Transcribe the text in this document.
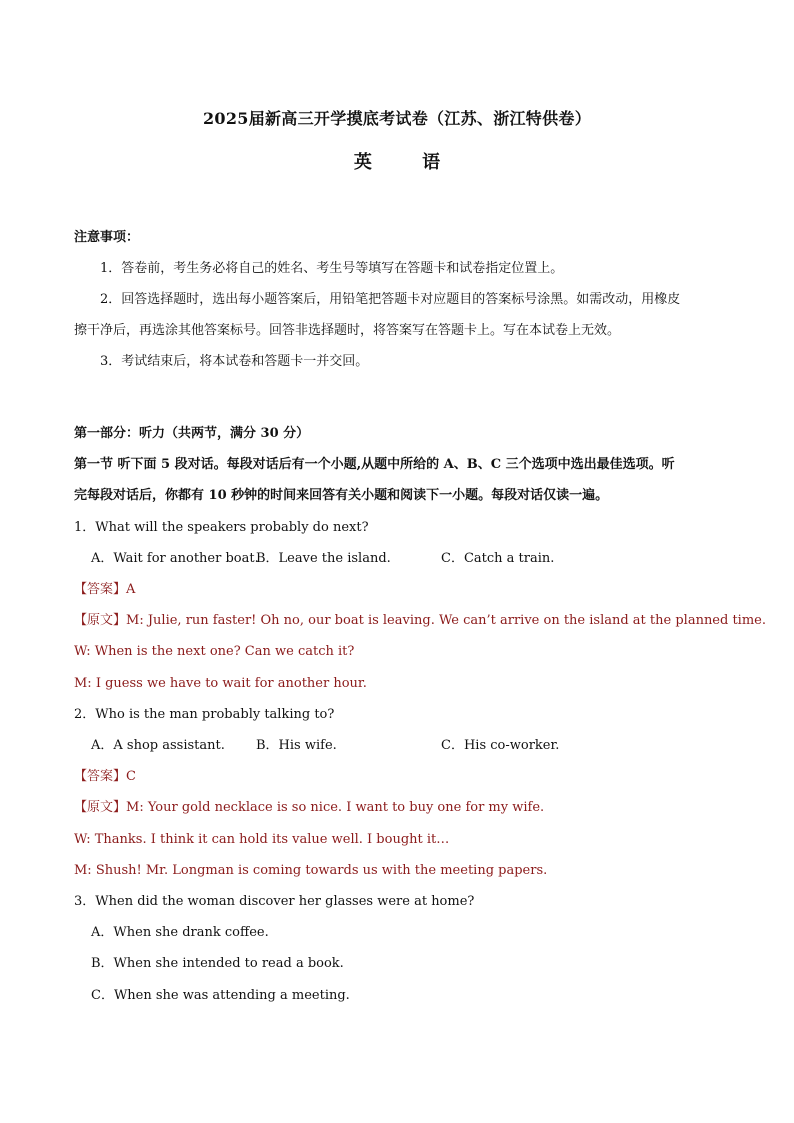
2025届新高三开学摸底考试卷（江苏、浙江特供卷）
英 语
注意事项：
1．答卷前，考生务必将自己的姓名、考生号等填写在答题卡和试卷指定位置上。
2．回答选择题时，选出每小题答案后，用铅笔把答题卡对应题目的答案标号涂黑。如需改动，用橡皮
擦干净后，再选涂其他答案标号。回答非选择题时，将答案写在答题卡上。写在本试卷上无效。
3．考试结束后，将本试卷和答题卡一并交回。
第一部分：听力（共两节，满分 30 分）
第一节 听下面 5 段对话。每段对话后有一个小题,从题中所给的 A、B、C 三个选项中选出最佳选项。听
完每段对话后，你都有 10 秒钟的时间来回答有关小题和阅读下一小题。每段对话仅读一遍。
1．What will the speakers probably do next?
A．Wait for another boat.B．Leave the island.	C．Catch a train.
【答案】A
【原文】M: Julie, run faster! Oh no, our boat is leaving. We can’t arrive on the island at the planned time.
W: When is the next one? Can we catch it?
M: I guess we have to wait for another hour.
2．Who is the man probably talking to?
A．A shop assistant. B．His wife.	C．His co-worker.
【答案】C
【原文】M: Your gold necklace is so nice. I want to buy one for my wife.
W: Thanks. I think it can hold its value well. I bought it…
M: Shush! Mr. Longman is coming towards us with the meeting papers.
3．When did the woman discover her glasses were at home?
A．When she drank coffee.
B．When she intended to read a book.
C．When she was attending a meeting.
